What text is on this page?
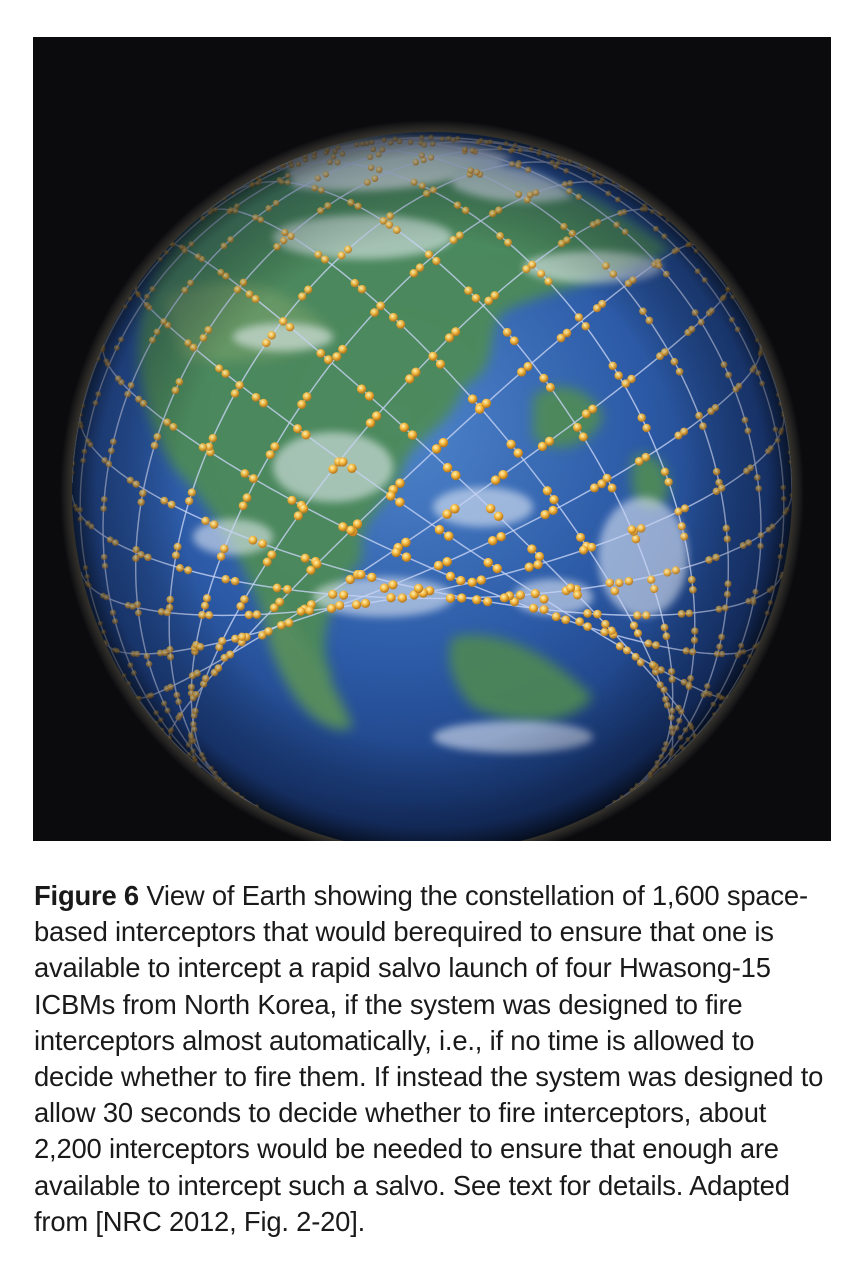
Figure 6 View of Earth showing the constellation of 1,600 space-based interceptors that would berequired to ensure that one is available to intercept a rapid salvo launch of four Hwasong-15 ICBMs from North Korea, if the system was designed to fire interceptors almost automatically, i.e., if no time is allowed to decide whether to fire them. If instead the system was designed to allow 30 seconds to decide whether to fire interceptors, about 2,200 interceptors would be needed to ensure that enough are available to intercept such a salvo. See text for details. Adapted from [NRC 2012, Fig. 2-20].
